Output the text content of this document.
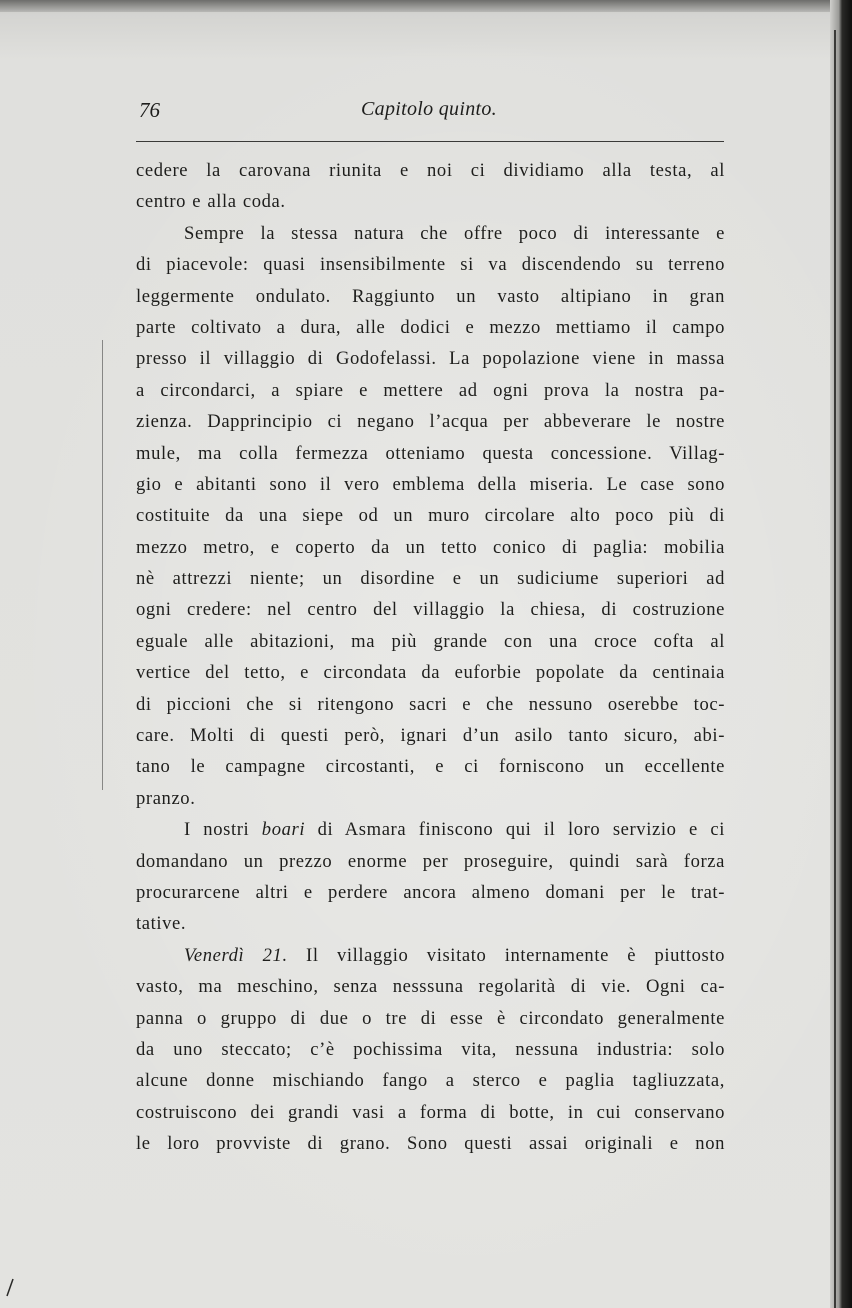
76	Capitolo quinto.
cedere la carovana riunita e noi ci dividiamo alla testa, al
centro e alla coda.
Sempre la stessa natura che offre poco di interessante e
di piacevole: quasi insensibilmente si va discendendo su terreno
leggermente ondulato. Raggiunto un vasto altipiano in gran
parte coltivato a dura, alle dodici e mezzo mettiamo il campo
presso il villaggio di Godofelassi. La popolazione viene in massa
a circondarci, a spiare e mettere ad ogni prova la nostra pa-
zienza. Dapprincipio ci negano l’acqua per abbeverare le nostre
mule, ma colla fermezza otteniamo questa concessione. Villag-
gio e abitanti sono il vero emblema della miseria. Le case sono
costituite da una siepe od un muro circolare alto poco più di
mezzo metro, e coperto da un tetto conico di paglia: mobilia
nè attrezzi niente; un disordine e un sudiciume superiori ad
ogni credere: nel centro del villaggio la chiesa, di costruzione
eguale alle abitazioni, ma più grande con una croce cofta al
vertice del tetto, e circondata da euforbie popolate da centinaia
di piccioni che si ritengono sacri e che nessuno oserebbe toc-
care. Molti di questi però, ignari d’un asilo tanto sicuro, abi-
tano le campagne circostanti, e ci forniscono un eccellente
pranzo.
I nostri boari di Asmara finiscono qui il loro servizio e ci
domandano un prezzo enorme per proseguire, quindi sarà forza
procurarcene altri e perdere ancora almeno domani per le trat-
tative.
Venerdì 21. Il villaggio visitato internamente è piuttosto
vasto, ma meschino, senza nesssuna regolarità di vie. Ogni ca-
panna o gruppo di due o tre di esse è circondato generalmente
da uno steccato; c’è pochissima vita, nessuna industria: solo
alcune donne mischiando fango a sterco e paglia tagliuzzata,
costruiscono dei grandi vasi a forma di botte, in cui conservano
le loro provviste di grano. Sono questi assai originali e non
